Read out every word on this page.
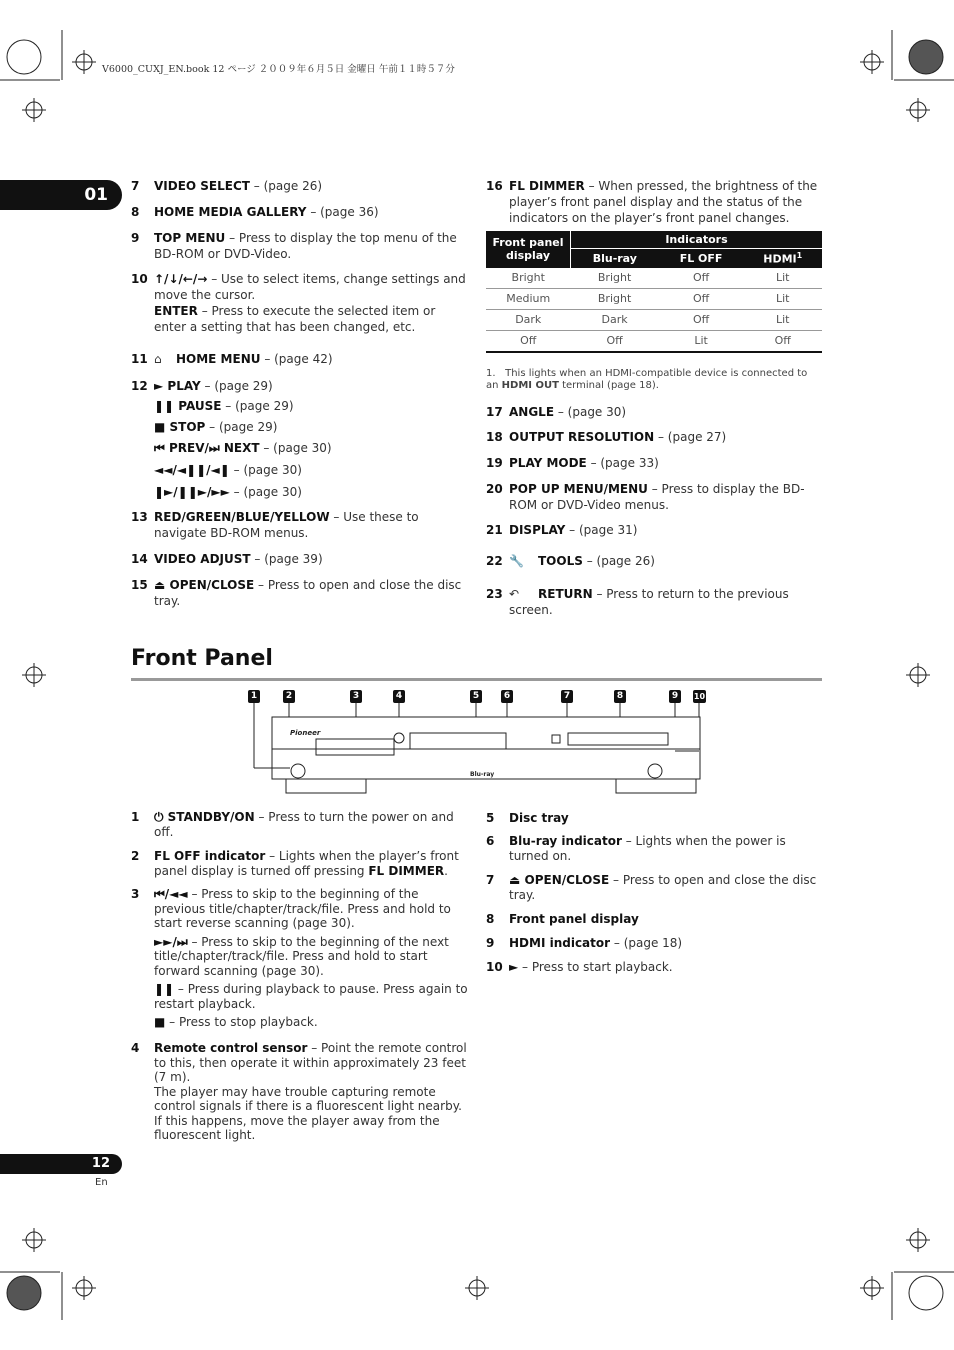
V6000_CUXJ_EN.book 12 ページ ２００９年６月５日 金曜日 午前１１時５７分
01	7 VIDEO SELECT – (page 26)
8 HOME MEDIA GALLERY – (page 36)
9 TOP MENU – Press to display the top menu of the BD-ROM or DVD-Video.
10 ↑/↓/←/→ – Use to select items, change settings and move the cursor.
ENTER – Press to execute the selected item or enter a setting that has been changed, etc.
11 ⌂ HOME MENU – (page 42)
12 ► PLAY – (page 29)
❚❚ PAUSE – (page 29)
■ STOP – (page 29)
⏮ PREV/⏭ NEXT – (page 30)
◄◄/◄❚❚/◄❚ – (page 30)
❚►/❚❚►/►► – (page 30)
13 RED/GREEN/BLUE/YELLOW – Use these to navigate BD-ROM menus.
14 VIDEO ADJUST – (page 39)
15 ⏏ OPEN/CLOSE – Press to open and close the disc tray.
16 FL DIMMER – When pressed, the brightness of the player’s front panel display and the status of the indicators on the player’s front panel changes.
Front panel display	Indicators		
	Blu-ray	FL OFF	HDMI$^1$
Bright	Bright	Off	Lit
Medium	Bright	Off	Lit
Dark	Dark	Off	Lit
Off	Off	Lit	Off
1. This lights when an HDMI-compatible device is connected to an HDMI OUT terminal (page 18).
17 ANGLE – (page 30)
18 OUTPUT RESOLUTION – (page 27)
19 PLAY MODE – (page 33)
20 POP UP MENU/MENU – Press to display the BD-ROM or DVD-Video menus.
21 DISPLAY – (page 31)
22 🔧 TOOLS – (page 26)
23 ↶ RETURN – Press to return to the previous screen.
Front Panel
1	2	3	4	5	6	7	8	9	10
Pioneer
Blu-ray
1 ⏻ STANDBY/ON – Press to turn the power on and off.
2 FL OFF indicator – Lights when the player’s front panel display is turned off pressing FL DIMMER.
3 ⏮/◄◄ – Press to skip to the beginning of the previous title/chapter/track/file. Press and hold to start reverse scanning (page 30).
►►/⏭ – Press to skip to the beginning of the next title/chapter/track/file. Press and hold to start forward scanning (page 30).
❚❚ – Press during playback to pause. Press again to restart playback.
■ – Press to stop playback.
4 Remote control sensor – Point the remote control to this, then operate it within approximately 23 feet (7 m).
The player may have trouble capturing remote control signals if there is a fluorescent light nearby. If this happens, move the player away from the fluorescent light.
5 Disc tray
6 Blu-ray indicator – Lights when the power is turned on.
7 ⏏ OPEN/CLOSE – Press to open and close the disc tray.
8 Front panel display
9 HDMI indicator – (page 18)
10 ► – Press to start playback.
12
En
